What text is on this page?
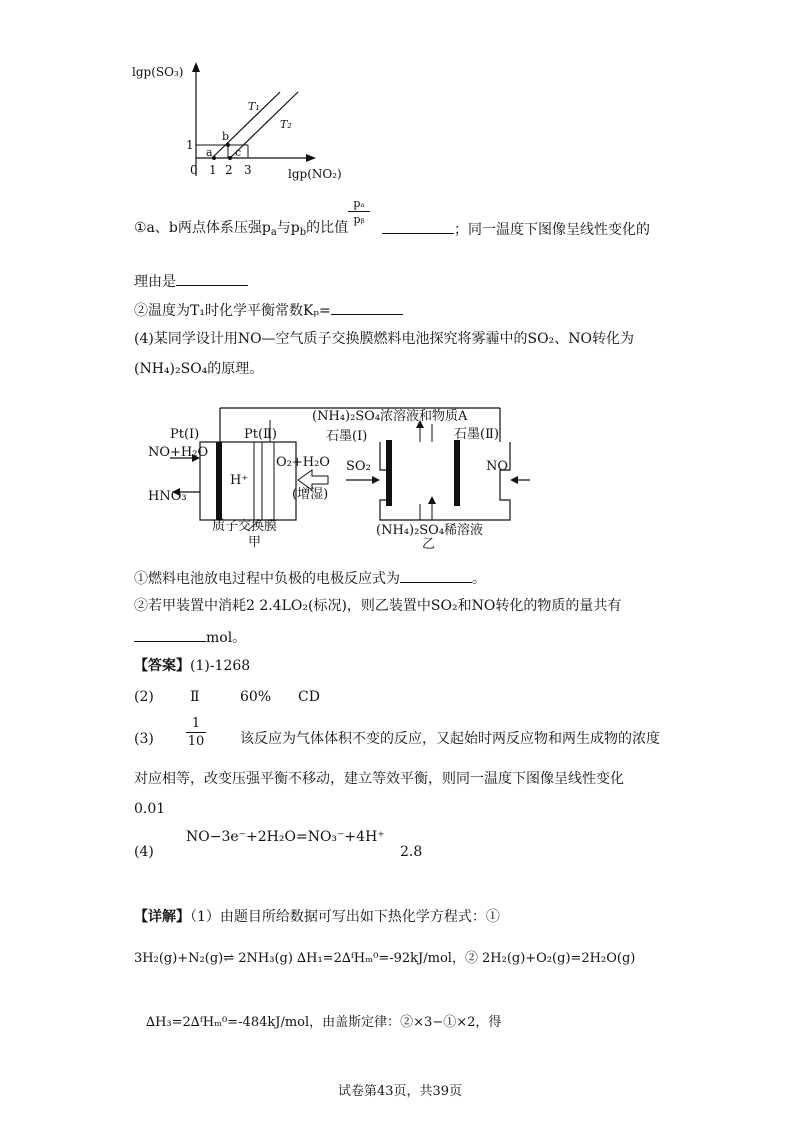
lgp(SO₃)
lgp(NO₂)
T₁
T₂
1
0 1 2 3
a
b
c
pₐ
pᵦ
①a、b两点体系压强$p_a$与$p_b$的比值	；同一温度下图像呈线性变化的
理由是
②温度为T₁时化学平衡常数Kₚ=
(4)某同学设计用NO—空气质子交换膜燃料电池探究将雾霾中的SO₂、NO转化为
(NH₄)₂SO₄的原理。
Pt(Ⅰ)	Pt(Ⅱ)
NO+H₂O
HNO₃
H⁺
O₂+H₂O
(增湿)
质子交换膜
甲
(NH₄)₂SO₄浓溶液和物质A
石墨(Ⅰ)	石墨(Ⅱ)
SO₂	NO
(NH₄)₂SO₄稀溶液
乙
①燃料电池放电过程中负极的电极反应式为	。
②若甲装置中消耗2 2.4LO₂(标况)，则乙装置中SO₂和NO转化的物质的量共有
mol。
【答案】(1)-1268
(2)	Ⅱ	60% CD
(3)
1
10	该反应为气体体积不变的反应，又起始时两反应物和两生成物的浓度
对应相等，改变压强平衡不移动，建立等效平衡，则同一温度下图像呈线性变化
0.01
NO−3e⁻+2H₂O=NO₃⁻+4H⁺
(4)	2.8
【详解】（1）由题目所给数据可写出如下热化学方程式：①
3H₂(g)+N₂(g)⇌ 2NH₃(g) ∆H₁=2∆ᶠHₘ⁰=-92kJ/mol，② 2H₂(g)+O₂(g)=2H₂O(g)
∆H₃=2∆ᶠHₘ⁰=-484kJ/mol，由盖斯定律：②×3−①×2，得
试卷第43页，共39页
